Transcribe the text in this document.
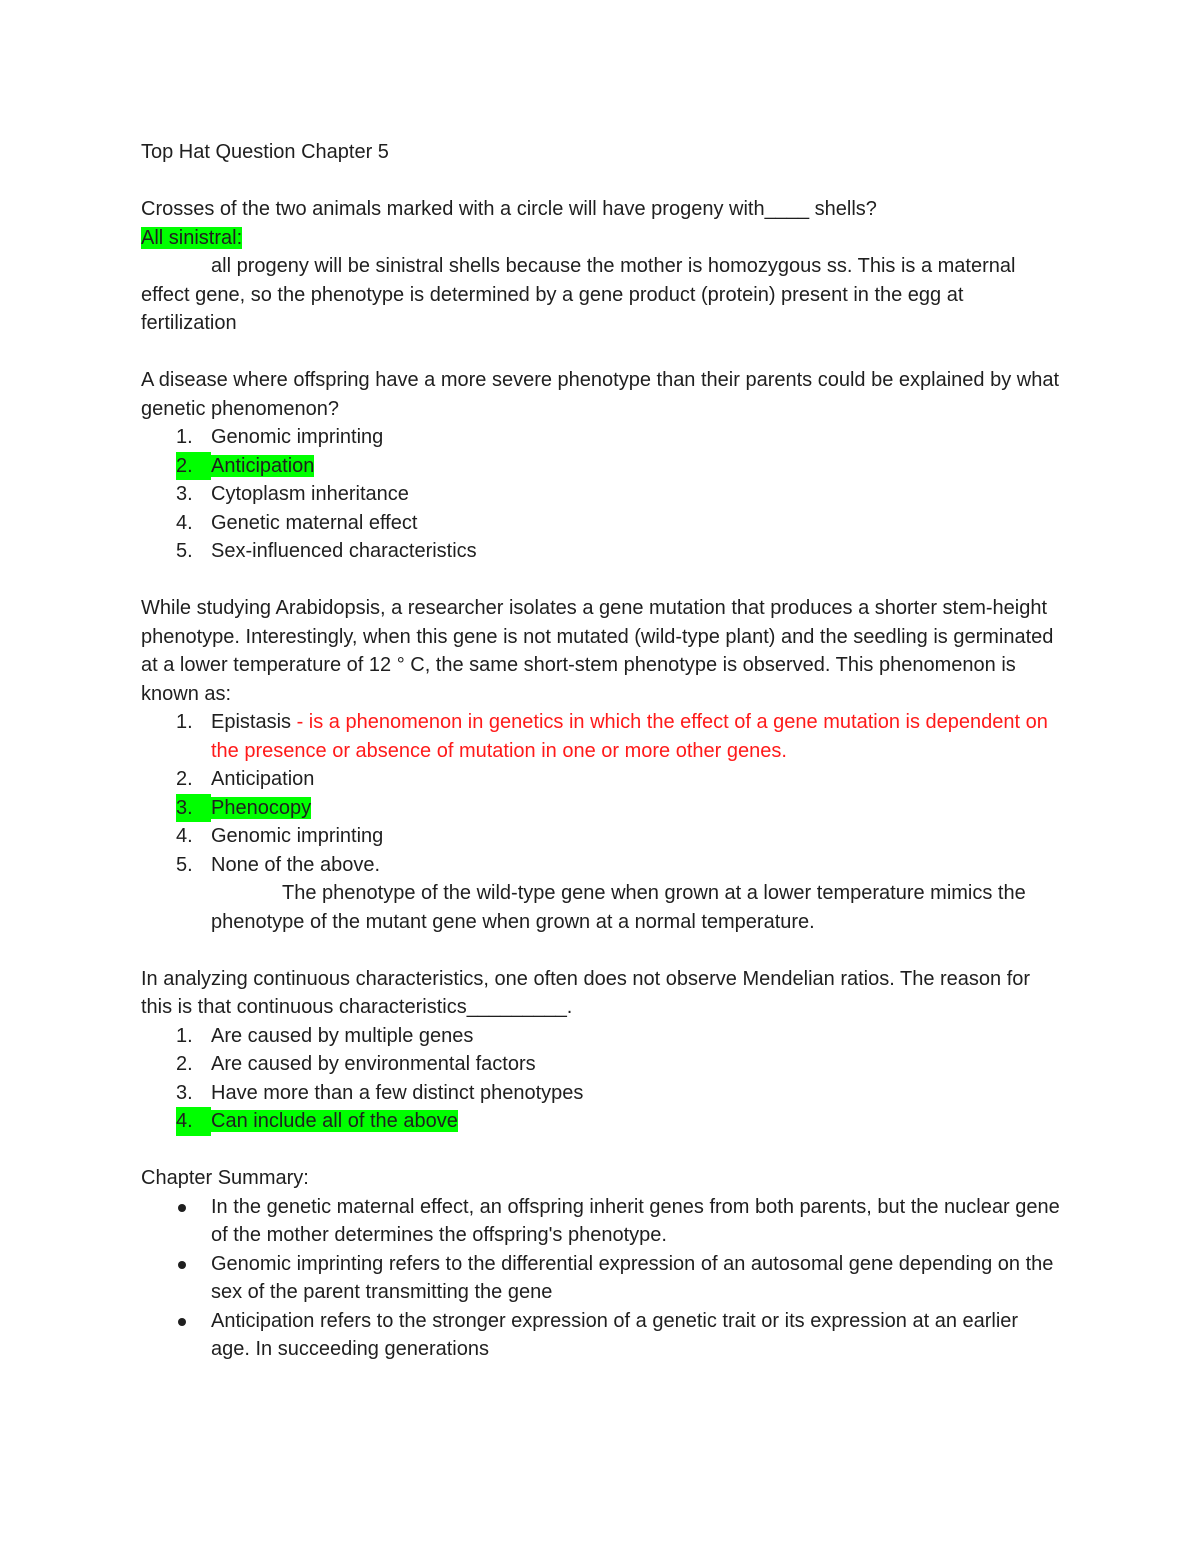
Top Hat Question Chapter 5

Crosses of the two animals marked with a circle will have progeny with____ shells?

All sinistral:

all progeny will be sinistral shells because the mother is homozygous ss. This is a maternal effect gene, so the phenotype is determined by a gene product (protein) present in the egg at fertilization

A disease where offspring have a more severe phenotype than their parents could be explained by what genetic phenomenon?

1. Genomic imprinting
2. Anticipation
3. Cytoplasm inheritance
4. Genetic maternal effect
5. Sex-influenced characteristics

While studying Arabidopsis, a researcher isolates a gene mutation that produces a shorter stem-height phenotype. Interestingly, when this gene is not mutated (wild-type plant) and the seedling is germinated at a lower temperature of 12 ° C, the same short-stem phenotype is observed. This phenomenon is known as:

1. Epistasis - is a phenomenon in genetics in which the effect of a gene mutation is dependent on the presence or absence of mutation in one or more other genes.
2. Anticipation
3. Phenocopy
4. Genomic imprinting
5. None of the above.

The phenotype of the wild-type gene when grown at a lower temperature mimics the phenotype of the mutant gene when grown at a normal temperature.

In analyzing continuous characteristics, one often does not observe Mendelian ratios. The reason for this is that continuous characteristics_________.

1. Are caused by multiple genes
2. Are caused by environmental factors
3. Have more than a few distinct phenotypes
4. Can include all of the above

Chapter Summary:

In the genetic maternal effect, an offspring inherit genes from both parents, but the nuclear gene of the mother determines the offspring's phenotype.
Genomic imprinting refers to the differential expression of an autosomal gene depending on the sex of the parent transmitting the gene
Anticipation refers to the stronger expression of a genetic trait or its expression at an earlier age. In succeeding generations
